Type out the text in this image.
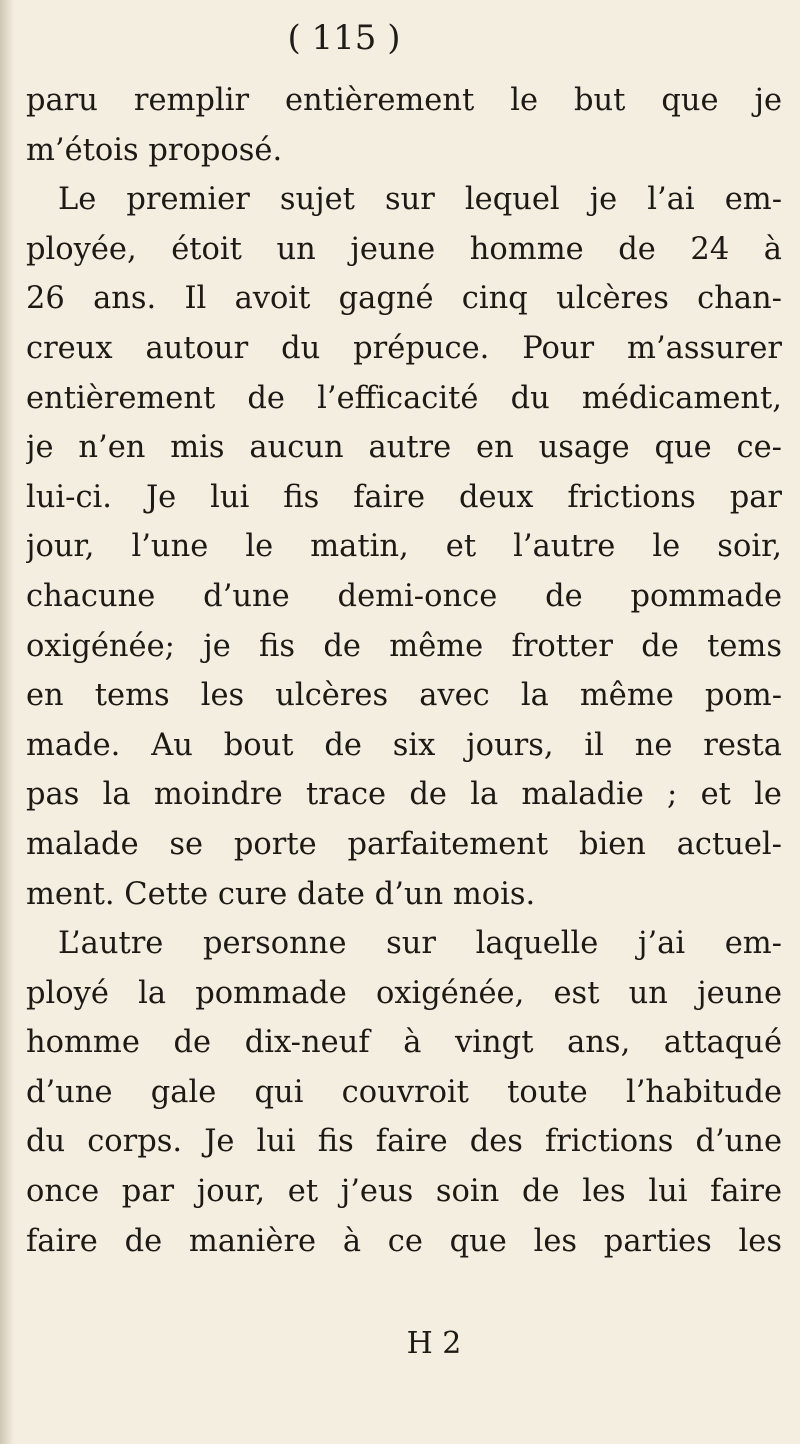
( 115 )
paru remplir entièrement le but que je
m’étois proposé.
Le premier sujet sur lequel je l’ai em-
ployée, étoit un jeune homme de 24 à
26 ans. Il avoit gagné cinq ulcères chan-
creux autour du prépuce. Pour m’assurer
entièrement de l’efficacité du médicament,
je n’en mis aucun autre en usage que ce-
lui-ci. Je lui fis faire deux frictions par
jour, l’une le matin, et l’autre le soir,
chacune d’une demi-once de pommade
oxigénée; je fis de même frotter de tems
en tems les ulcères avec la même pom-
made. Au bout de six jours, il ne resta
pas la moindre trace de la maladie ; et le
malade se porte parfaitement bien actuel-
ment. Cette cure date d’un mois.
L’autre personne sur laquelle j’ai em-
ployé la pommade oxigénée, est un jeune
homme de dix-neuf à vingt ans, attaqué
d’une gale qui couvroit toute l’habitude
du corps. Je lui fis faire des frictions d’une
once par jour, et j’eus soin de les lui faire
faire de manière à ce que les parties les
H 2
